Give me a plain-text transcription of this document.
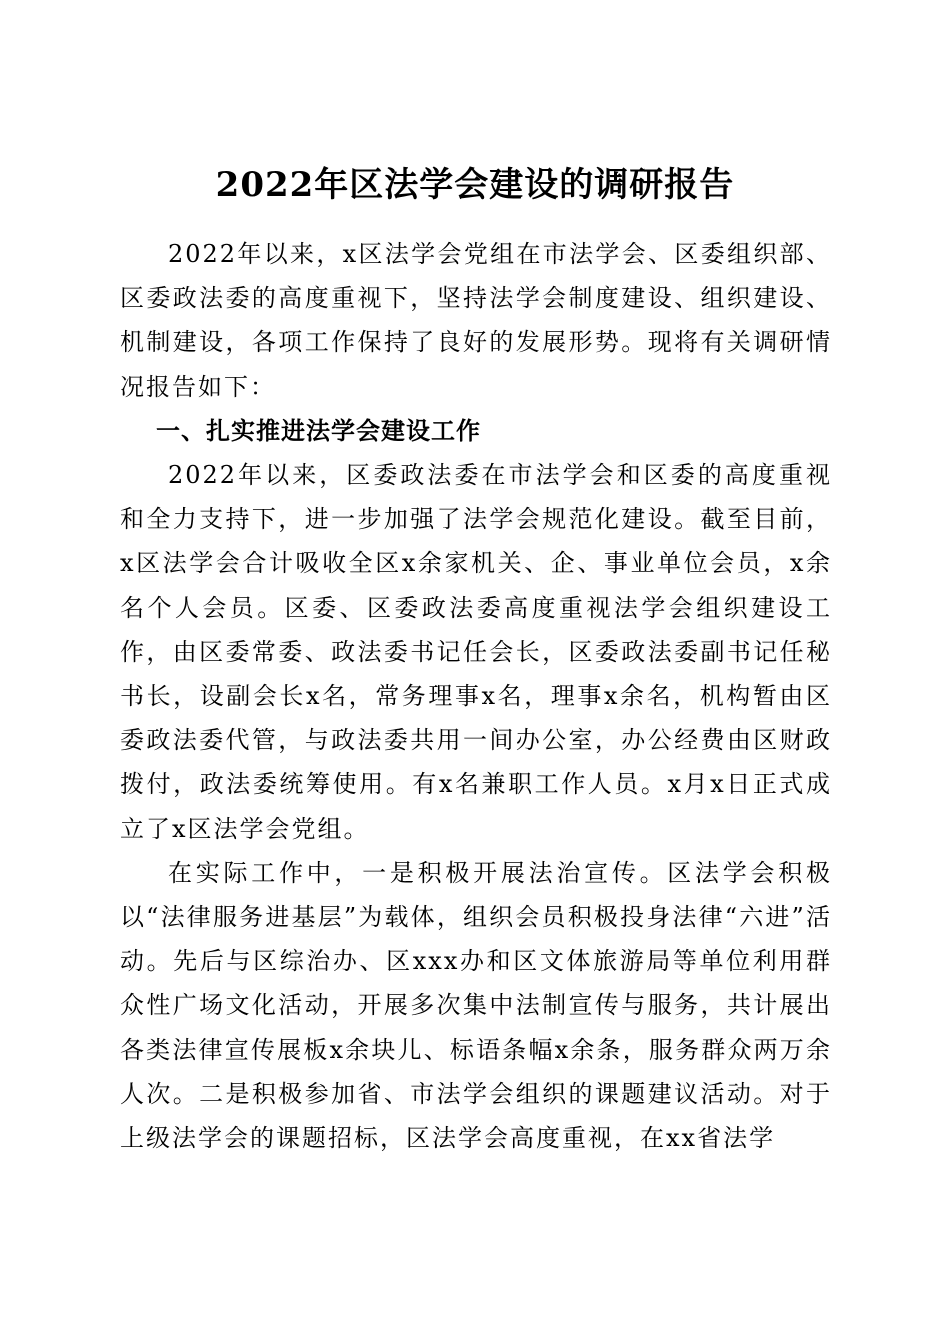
2022年区法学会建设的调研报告

2022年以来，x区法学会党组在市法学会、区委组织部、区委政法委的高度重视下，坚持法学会制度建设、组织建设、机制建设，各项工作保持了良好的发展形势。现将有关调研情况报告如下：

一、扎实推进法学会建设工作

2022年以来，区委政法委在市法学会和区委的高度重视和全力支持下，进一步加强了法学会规范化建设。截至目前，x区法学会合计吸收全区x余家机关、企、事业单位会员，x余名个人会员。区委、区委政法委高度重视法学会组织建设工作，由区委常委、政法委书记任会长，区委政法委副书记任秘书长，设副会长x名，常务理事x名，理事x余名，机构暂由区委政法委代管，与政法委共用一间办公室，办公经费由区财政拨付，政法委统筹使用。有x名兼职工作人员。x月x日正式成立了x区法学会党组。

在实际工作中，一是积极开展法治宣传。区法学会积极以“法律服务进基层”为载体，组织会员积极投身法律“六进”活动。先后与区综治办、区xxx办和区文体旅游局等单位利用群众性广场文化活动，开展多次集中法制宣传与服务，共计展出各类法律宣传展板x余块儿、标语条幅x余条，服务群众两万余人次。二是积极参加省、市法学会组织的课题建议活动。对于上级法学会的课题招标，区法学会高度重视，在xx省法学
